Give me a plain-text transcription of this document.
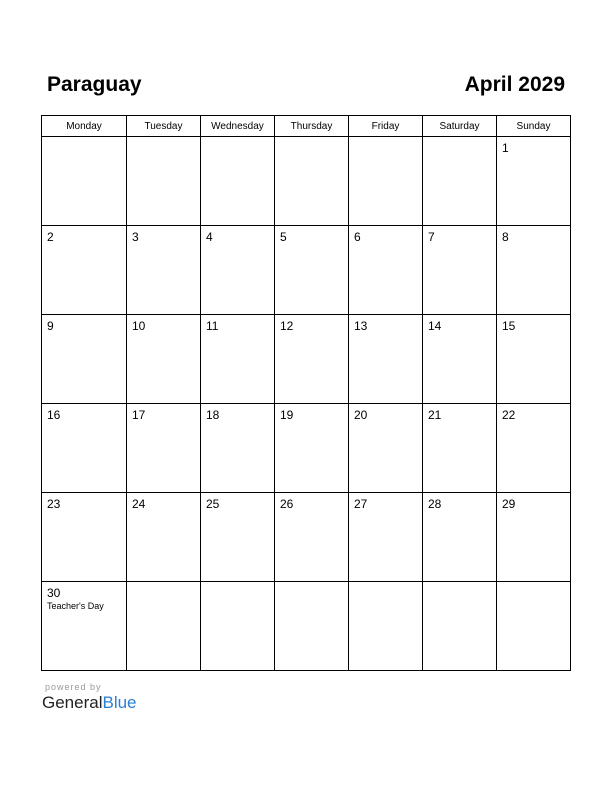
Paraguay	April 2029
Monday	Tuesday	Wednesday	Thursday	Friday	Saturday	Sunday

						1

2	3	4	5	6	7	8

9	10	11	12	13	14	15

16	17	18	19	20	21	22

23	24	25	26	27	28	29

30
Teacher's Day						

powered by
GeneralBlue
